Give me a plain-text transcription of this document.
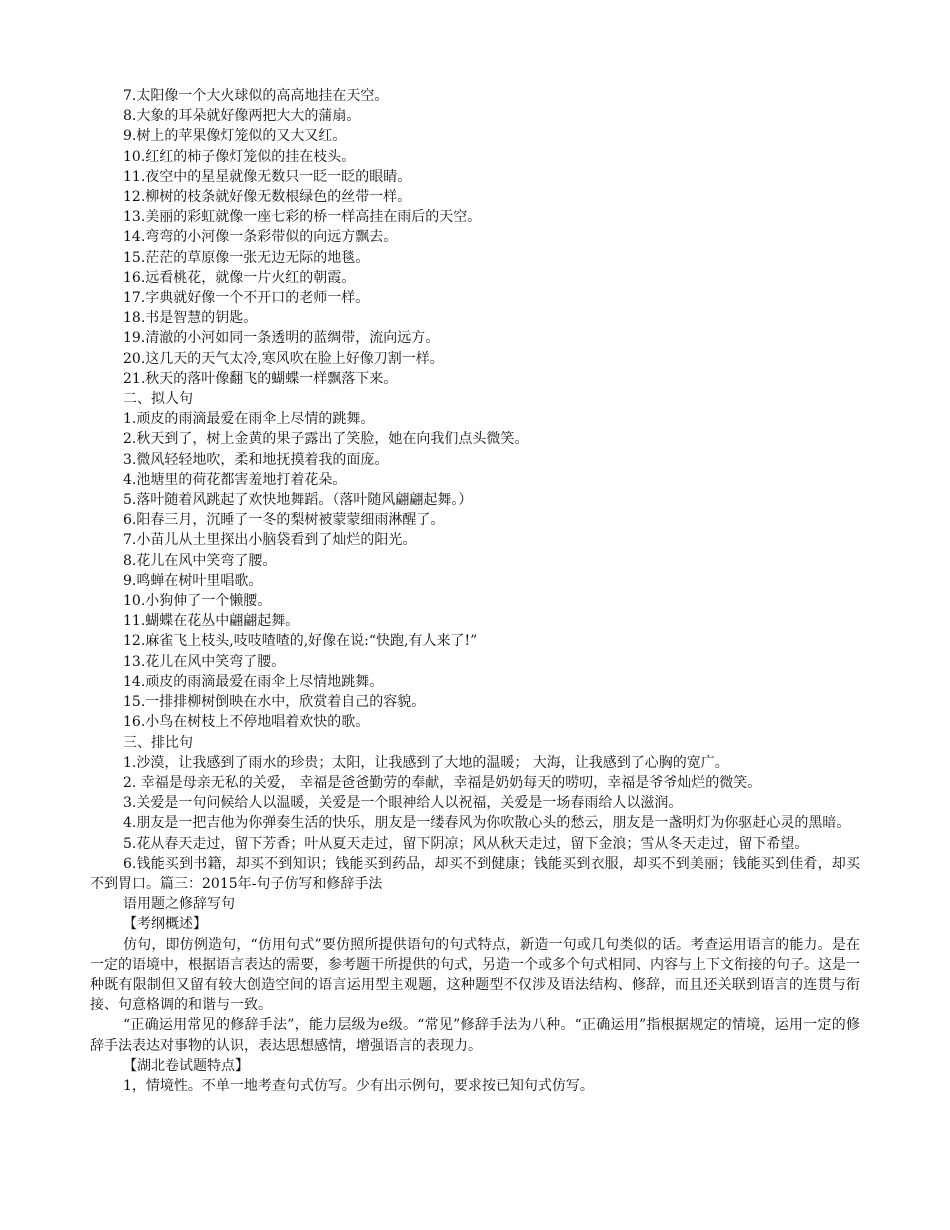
7.太阳像一个大火球似的高高地挂在天空。

8.大象的耳朵就好像两把大大的蒲扇。

9.树上的苹果像灯笼似的又大又红。

10.红红的柿子像灯笼似的挂在枝头。

11.夜空中的星星就像无数只一眨一眨的眼睛。

12.柳树的枝条就好像无数根绿色的丝带一样。

13.美丽的彩虹就像一座七彩的桥一样高挂在雨后的天空。

14.弯弯的小河像一条彩带似的向远方飘去。

15.茫茫的草原像一张无边无际的地毯。

16.远看桃花，就像一片火红的朝霞。

17.字典就好像一个不开口的老师一样。

18.书是智慧的钥匙。

19.清澈的小河如同一条透明的蓝绸带，流向远方。

20.这几天的天气太冷,寒风吹在脸上好像刀割一样。

21.秋天的落叶像翻飞的蝴蝶一样飘落下来。

二、拟人句

1.顽皮的雨滴最爱在雨伞上尽情的跳舞。

2.秋天到了，树上金黄的果子露出了笑脸，她在向我们点头微笑。

3.微风轻轻地吹，柔和地抚摸着我的面庞。

4.池塘里的荷花都害羞地打着花朵。

5.落叶随着风跳起了欢快地舞蹈。（落叶随风翩翩起舞。）

6.阳春三月，沉睡了一冬的梨树被蒙蒙细雨淋醒了。

7.小苗儿从土里探出小脑袋看到了灿烂的阳光。

8.花儿在风中笑弯了腰。

9.鸣蝉在树叶里唱歌。

10.小狗伸了一个懒腰。

11.蝴蝶在花丛中翩翩起舞。

12.麻雀飞上枝头,吱吱喳喳的,好像在说:“快跑,有人来了!”

13.花儿在风中笑弯了腰。

14.顽皮的雨滴最爱在雨伞上尽情地跳舞。

15.一排排柳树倒映在水中，欣赏着自己的容貌。

16.小鸟在树枝上不停地唱着欢快的歌。

三、排比句

1.沙漠，让我感到了雨水的珍贵；太阳，让我感到了大地的温暖； 大海，让我感到了心胸的宽广。

2. 幸福是母亲无私的关爱， 幸福是爸爸勤劳的奉献，幸福是奶奶每天的唠叨，幸福是爷爷灿烂的微笑。

3.关爱是一句问候给人以温暖，关爱是一个眼神给人以祝福，关爱是一场春雨给人以滋润。

4.朋友是一把吉他为你弹奏生活的快乐，朋友是一缕春风为你吹散心头的愁云，朋友是一盏明灯为你驱赶心灵的黑暗。

5.花从春天走过，留下芳香；叶从夏天走过，留下阴凉；风从秋天走过，留下金浪；雪从冬天走过，留下希望。

6.钱能买到书籍，却买不到知识；钱能买到药品，却买不到健康；钱能买到衣服，却买不到美丽；钱能买到佳肴，却买不到胃口。篇三：2015年-句子仿写和修辞手法

语用题之修辞写句

【考纲概述】

仿句，即仿例造句，“仿用句式”要仿照所提供语句的句式特点，新造一句或几句类似的话。考查运用语言的能力。是在一定的语境中，根据语言表达的需要，参考题干所提供的句式，另造一个或多个句式相同、内容与上下文衔接的句子。这是一种既有限制但又留有较大创造空间的语言运用型主观题，这种题型不仅涉及语法结构、修辞，而且还关联到语言的连贯与衔接、句意格调的和谐与一致。

“正确运用常见的修辞手法”，能力层级为e级。“常见”修辞手法为八种。“正确运用”指根据规定的情境，运用一定的修辞手法表达对事物的认识，表达思想感情，增强语言的表现力。

【湖北卷试题特点】

1，情境性。不单一地考查句式仿写。少有出示例句，要求按已知句式仿写。
